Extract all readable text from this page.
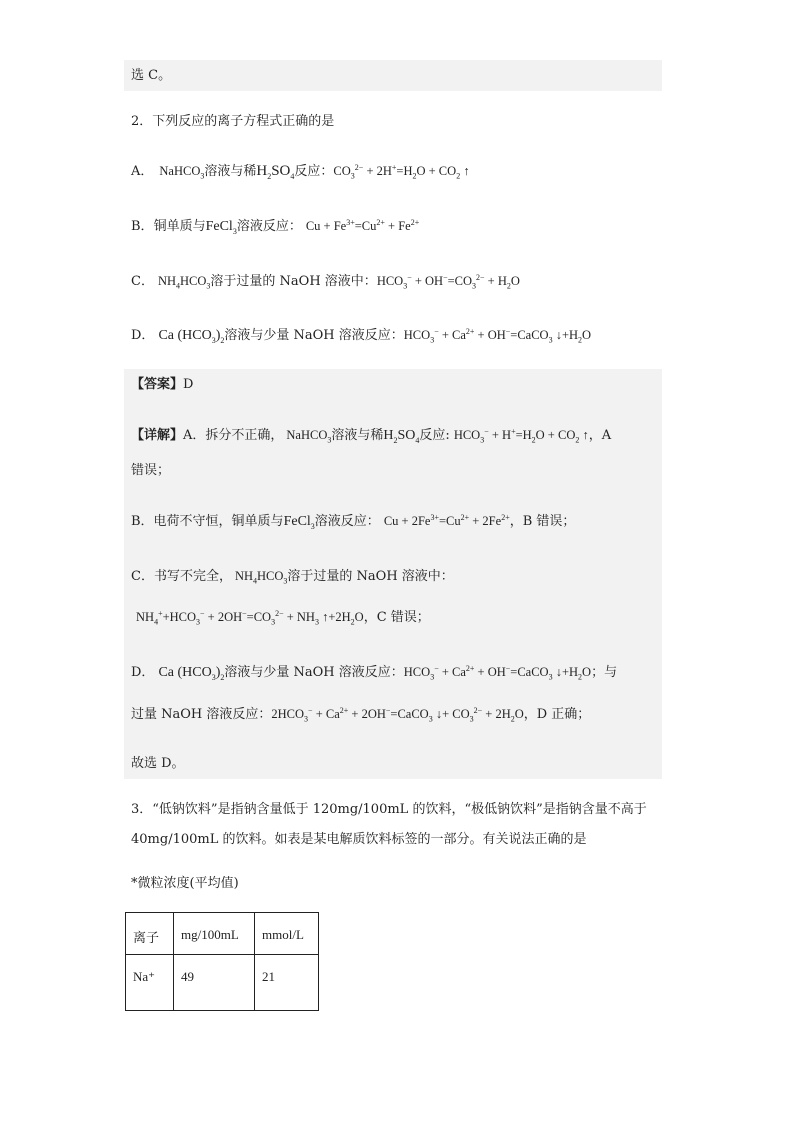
选 C。
2．下列反应的离子方程式正确的是
A． NaHCO$_3$溶液与稀$H_2SO_4$反应：$CO_3^{2-} + 2H^+=H_2O + CO_2$ ↑
B．铜单质与FeCl$_3$溶液反应： $Cu + Fe^{3+}=Cu^{2+} + Fe^{2+}$
C． $NH_4HCO_3$溶于过量的 NaOH 溶液中：$HCO_3^- + OH^-=CO_3^{2-} + H_2O$
D． Ca $(HCO_3)_2$溶液与少量 NaOH 溶液反应：$HCO_3^- + Ca^{2+}$ + OH−=CaCO$_3$ $↓+H_2O$
【答案】D
【详解】A．拆分不正确， NaHCO$_3$溶液与稀$H_2SO_4$反应: $HCO_3^- + H^+=H_2O + CO_2$ ↑，A
错误；
B．电荷不守恒，铜单质与FeCl$_3$溶液反应： $Cu + 2Fe^{3+}=Cu^{2+} + 2Fe^{2+}$，B 错误；
C．书写不完全， $NH_4HCO_3$溶于过量的 NaOH 溶液中：
$NH_4^++HCO_3^- + 2OH^-=CO_3^{2-} + NH_3$ $↑+2H_2O$，C 错误；
D． Ca $(HCO_3)_2$溶液与少量 NaOH 溶液反应：$HCO_3^- + Ca^{2+}$ + OH−=CaCO$_3$ $↓+H_2O$；与
过量 NaOH 溶液反应：$2HCO_3^- + Ca^{2+}$ + 2OH−=CaCO$_3$ ↓+ $CO_3^{2-} + 2H_2O$，D 正确；
故选 D。
3．“低钠饮料”是指钠含量低于 120mg/100mL 的饮料，“极低钠饮料”是指钠含量不高于
40mg/100mL 的饮料。如表是某电解质饮料标签的一部分。有关说法正确的是
*微粒浓度(平均值)
离子	mg/100mL	mmol/L
Na⁺	49	21
